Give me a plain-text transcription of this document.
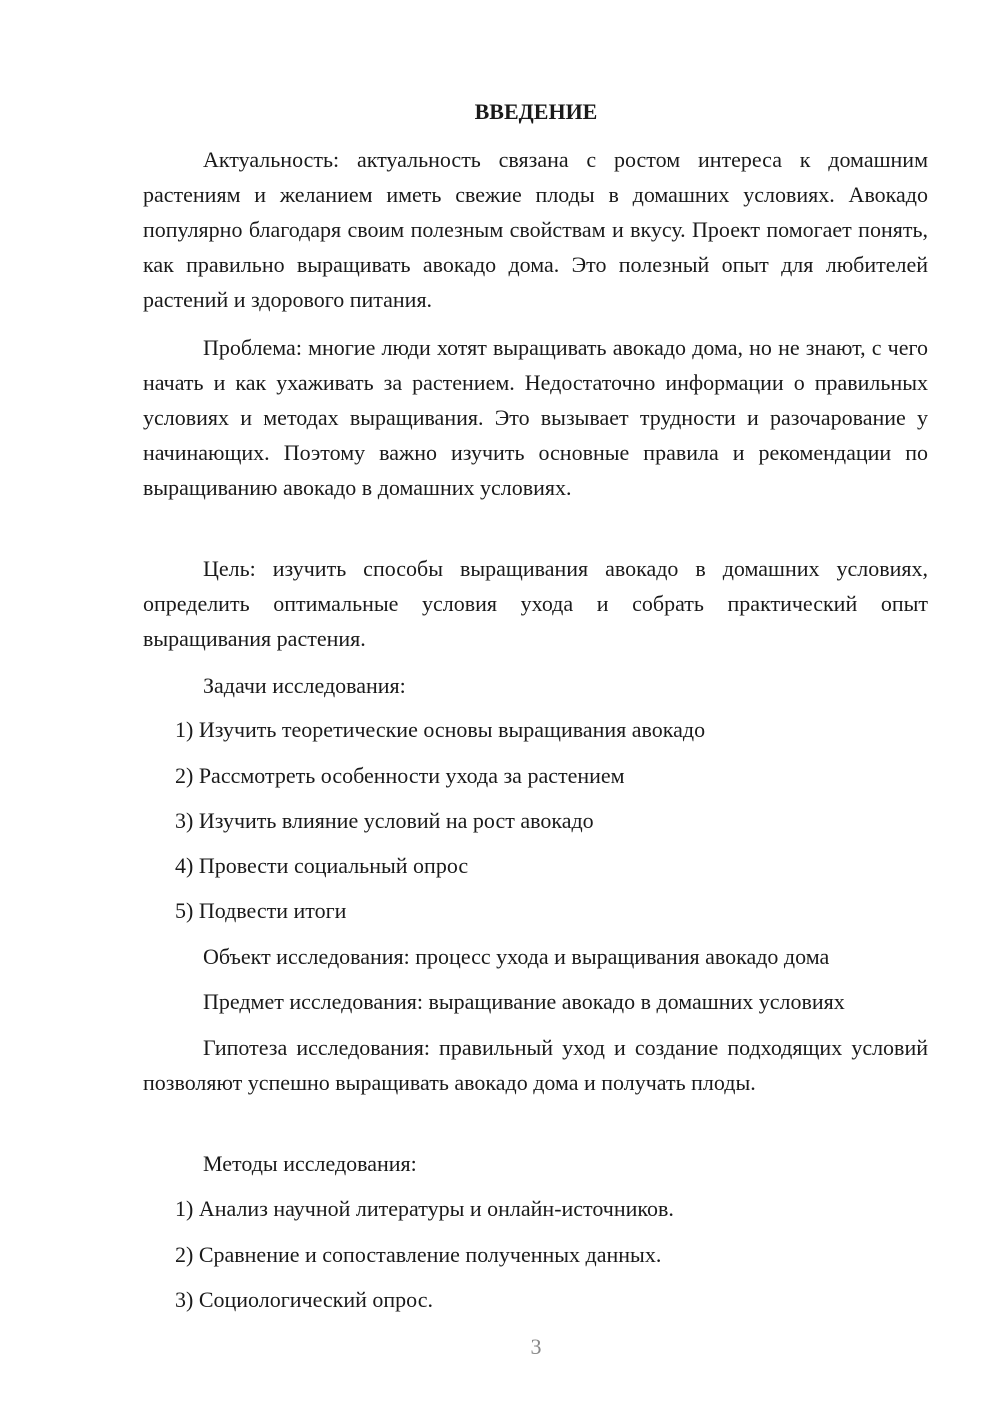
ВВЕДЕНИЕ

Актуальность: актуальность связана с ростом интереса к домашним растениям и желанием иметь свежие плоды в домашних условиях. Авокадо популярно благодаря своим полезным свойствам и вкусу. Проект помогает понять, как правильно выращивать авокадо дома. Это полезный опыт для любителей растений и здорового питания.

Проблема: многие люди хотят выращивать авокадо дома, но не знают, с чего начать и как ухаживать за растением. Недостаточно информации о правильных условиях и методах выращивания. Это вызывает трудности и разочарование у начинающих. Поэтому важно изучить основные правила и рекомендации по выращиванию авокадо в домашних условиях.

Цель: изучить способы выращивания авокадо в домашних условиях, определить оптимальные условия ухода и собрать практический опыт выращивания растения.

Задачи исследования:

1) Изучить теоретические основы выращивания авокадо

2) Рассмотреть особенности ухода за растением

3) Изучить влияние условий на рост авокадо

4) Провести социальный опрос

5) Подвести итоги

Объект исследования: процесс ухода и выращивания авокадо дома

Предмет исследования: выращивание авокадо в домашних условиях

Гипотеза исследования: правильный уход и создание подходящих условий позволяют успешно выращивать авокадо дома и получать плоды.

Методы исследования:

1) Анализ научной литературы и онлайн-источников.

2) Сравнение и сопоставление полученных данных.

3) Социологический опрос.

3
